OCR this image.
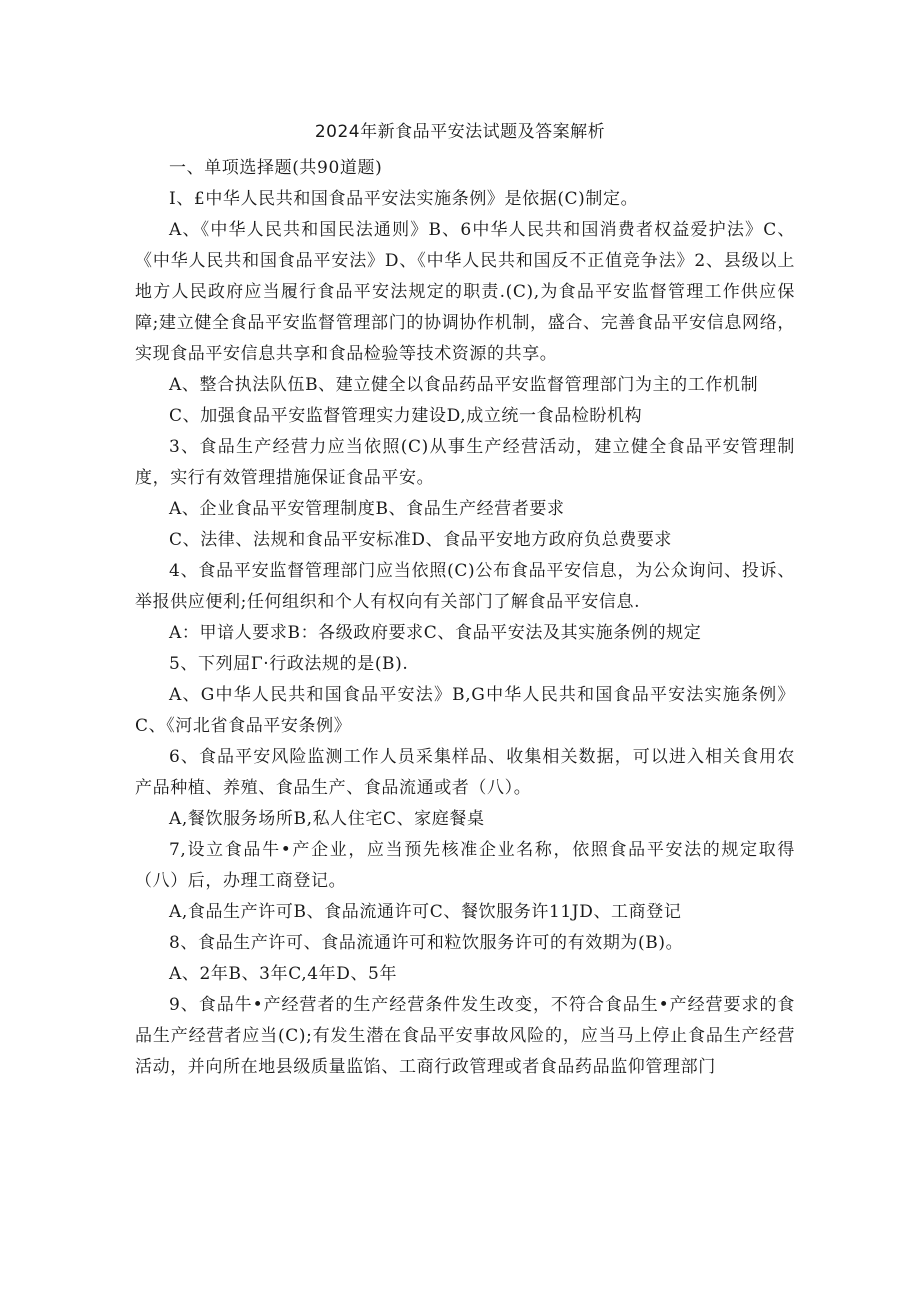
2024年新食品平安法试题及答案解析

一、单项选择题(共90道题)

I、£中华人民共和国食品平安法实施条例》是依据(C)制定。

A、《中华人民共和国民法通则》B、6中华人民共和国消费者权益爱护法》C、《中华人民共和国食品平安法》D、《中华人民共和国反不正值竞争法》2、县级以上地方人民政府应当履行食品平安法规定的职责.(C),为食品平安监督管理工作供应保障;建立健全食品平安监督管理部门的协调协作机制，盛合、完善食品平安信息网络，实现食品平安信息共享和食品检验等技术资源的共享。

A、整合执法队伍B、建立健全以食品药品平安监督管理部门为主的工作机制

C、加强食品平安监督管理实力建设D,成立统一食品检盼机构

3、食品生产经营力应当依照(C)从事生产经营活动，建立健全食品平安管理制度，实行有效管理措施保证食品平安。

A、企业食品平安管理制度B、食品生产经营者要求

C、法律、法规和食品平安标准D、食品平安地方政府负总费要求

4、食品平安监督管理部门应当依照(C)公布食品平安信息，为公众询问、投诉、举报供应便利;任何组织和个人有权向有关部门了解食品平安信息.

A：甲谙人要求B：各级政府要求C、食品平安法及其实施条例的规定

5、下列屈Γ·行政法规的是(B).

A、G中华人民共和国食品平安法》B,G中华人民共和国食品平安法实施条例》C、《河北省食品平安条例》

6、食品平安风险监测工作人员采集样品、收集相关数据，可以进入相关食用农产品种植、养殖、食品生产、食品流通或者（八）。

A,餐饮服务场所B,私人住宅C、家庭餐桌

7,设立食品牛•产企业，应当预先核准企业名称，依照食品平安法的规定取得（八）后，办理工商登记。

A,食品生产许可B、食品流通许可C、餐饮服务许11JD、工商登记

8、食品生产许可、食品流通许可和粒饮服务许可的有效期为(B)。

A、2年B、3年C,4年D、5年

9、食品牛•产经营者的生产经营条件发生改变，不符合食品生•产经营要求的食品生产经营者应当(C);有发生潜在食品平安事故风险的，应当马上停止食品生产经营活动，并向所在地县级质量监馅、工商行政管理或者食品药品监仰管理部门
